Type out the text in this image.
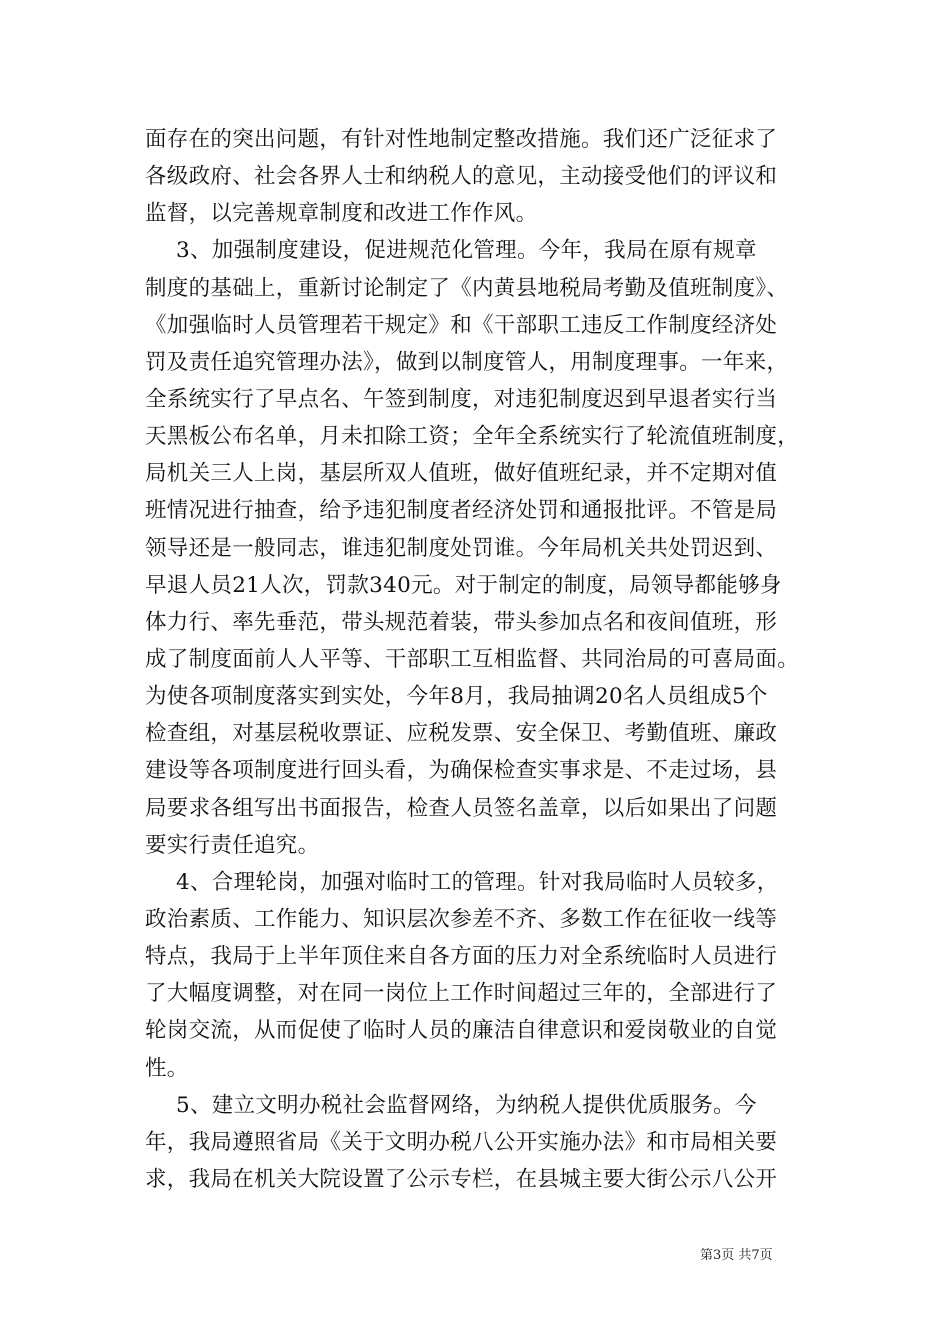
面存在的突出问题，有针对性地制定整改措施。我们还广泛征求了
各级政府、社会各界人士和纳税人的意见，主动接受他们的评议和
监督，以完善规章制度和改进工作作风。
3、加强制度建设，促进规范化管理。今年，我局在原有规章
制度的基础上，重新讨论制定了《内黄县地税局考勤及值班制度》、
《加强临时人员管理若干规定》和《干部职工违反工作制度经济处
罚及责任追究管理办法》，做到以制度管人，用制度理事。一年来，
全系统实行了早点名、午签到制度，对违犯制度迟到早退者实行当
天黑板公布名单，月未扣除工资；全年全系统实行了轮流值班制度，
局机关三人上岗，基层所双人值班，做好值班纪录，并不定期对值
班情况进行抽查，给予违犯制度者经济处罚和通报批评。不管是局
领导还是一般同志，谁违犯制度处罚谁。今年局机关共处罚迟到、
早退人员21人次，罚款340元。对于制定的制度，局领导都能够身
体力行、率先垂范，带头规范着装，带头参加点名和夜间值班，形
成了制度面前人人平等、干部职工互相监督、共同治局的可喜局面。
为使各项制度落实到实处，今年8月，我局抽调20名人员组成5个
检查组，对基层税收票证、应税发票、安全保卫、考勤值班、廉政
建设等各项制度进行回头看，为确保检查实事求是、不走过场，县
局要求各组写出书面报告，检查人员签名盖章，以后如果出了问题
要实行责任追究。
4、合理轮岗，加强对临时工的管理。针对我局临时人员较多，
政治素质、工作能力、知识层次参差不齐、多数工作在征收一线等
特点，我局于上半年顶住来自各方面的压力对全系统临时人员进行
了大幅度调整，对在同一岗位上工作时间超过三年的，全部进行了
轮岗交流，从而促使了临时人员的廉洁自律意识和爱岗敬业的自觉
性。
5、建立文明办税社会监督网络，为纳税人提供优质服务。今
年，我局遵照省局《关于文明办税八公开实施办法》和市局相关要
求，我局在机关大院设置了公示专栏，在县城主要大街公示八公开
第3页 共7页
